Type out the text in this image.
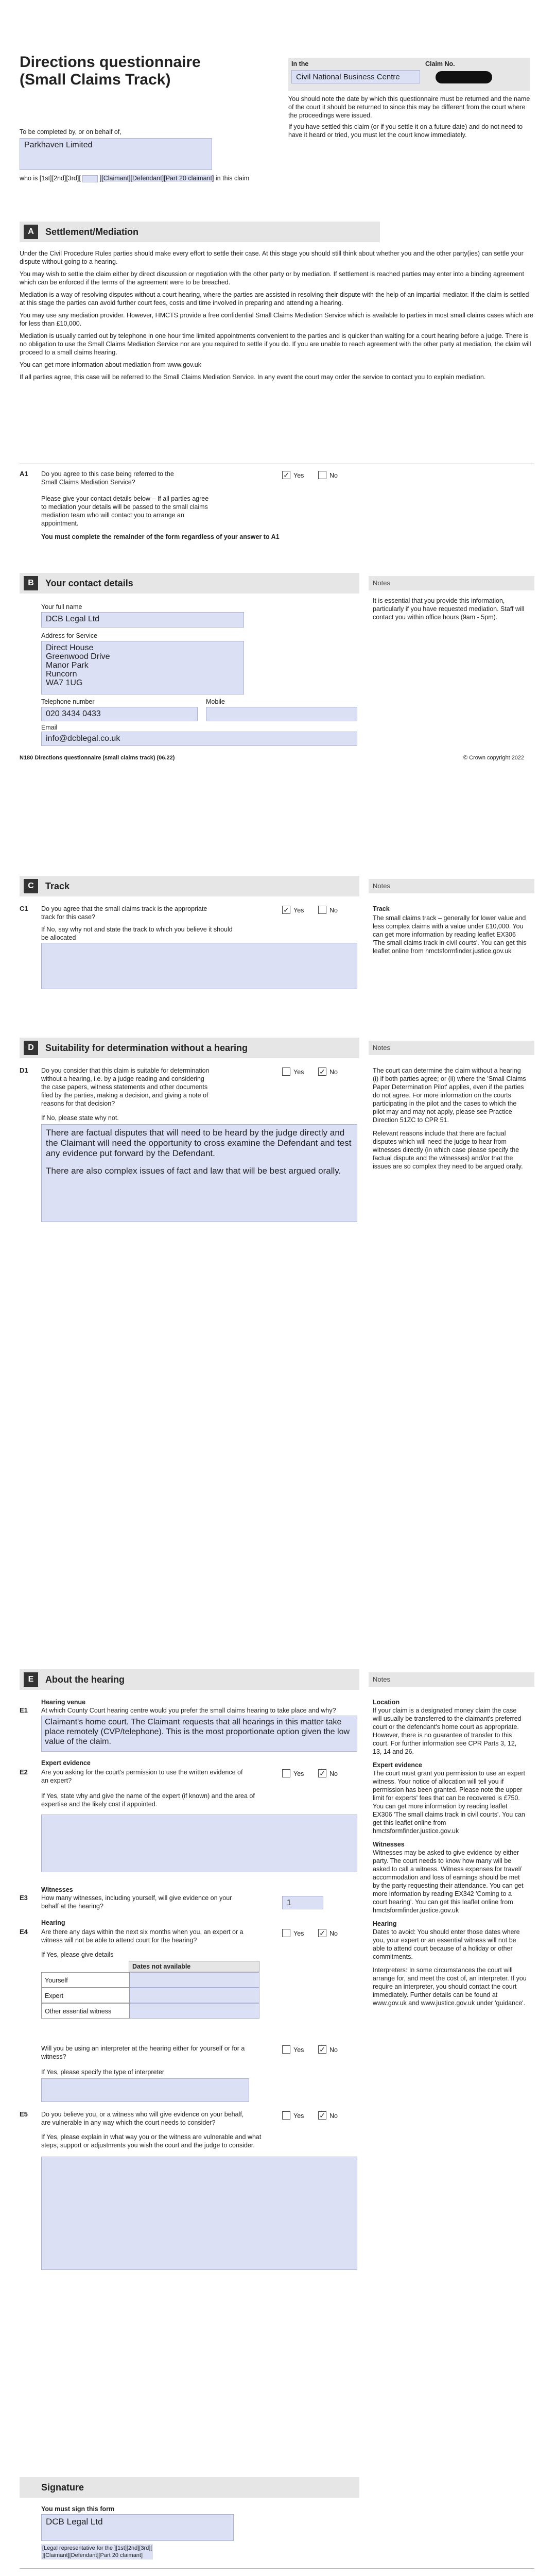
Directions questionnaire
(Small Claims Track)
In the	Claim No.
Civil National Business Centre
You should note the date by which this questionnaire must be returned and the name of the court it should be returned to since this may be different from the court where the proceedings were issued.
If you have settled this claim (or if you settle it on a future date) and do not need to have it heard or tried, you must let the court know immediately.
To be completed by, or on behalf of,
Parkhaven Limited
who is [1st][2nd][3rd][	][Claimant][Defendant][Part 20 claimant] in this claim
A	Settlement/Mediation

Under the Civil Procedure Rules parties should make every effort to settle their case. At this stage you should still think about whether you and the other party(ies) can settle your dispute without going to a hearing.

You may wish to settle the claim either by direct discussion or negotiation with the other party or by mediation. If settlement is reached parties may enter into a binding agreement which can be enforced if the terms of the agreement were to be breached.

Mediation is a way of resolving disputes without a court hearing, where the parties are assisted in resolving their dispute with the help of an impartial mediator. If the claim is settled at this stage the parties can avoid further court fees, costs and time involved in preparing and attending a hearing.

You may use any mediation provider. However, HMCTS provide a free confidential Small Claims Mediation Service which is available to parties in most small claims cases which are for less than £10,000.

Mediation is usually carried out by telephone in one hour time limited appointments convenient to the parties and is quicker than waiting for a court hearing before a judge. There is no obligation to use the Small Claims Mediation Service nor are you required to settle if you do. If you are unable to reach agreement with the other party at mediation, the claim will proceed to a small claims hearing.

You can get more information about mediation from www.gov.uk

If all parties agree, this case will be referred to the Small Claims Mediation Service. In any event the court may order the service to contact you to explain mediation.

A1 Do you agree to this case being referred to the Small Claims Mediation Service?
✓ Yes	No
Please give your contact details below – If all parties agree to mediation your details will be passed to the small claims mediation team who will contact you to arrange an appointment.
You must complete the remainder of the form regardless of your answer to A1
B	Your contact details	Notes
It is essential that you provide this information, particularly if you have requested mediation. Staff will contact you within office hours (9am - 5pm).
Your full name
DCB Legal Ltd
Address for Service
Direct House
Greenwood Drive
Manor Park
Runcorn
WA7 1UG
Telephone number	Mobile
020 3434 0433
Email
info@dcblegal.co.uk
N180 Directions questionnaire (small claims track) (06.22)	© Crown copyright 2022
C	Track	Notes
C1 Do you agree that the small claims track is the appropriate track for this case?
✓ Yes	No
If No, say why not and state the track to which you believe it should be allocated
Track
The small claims track – generally for lower value and less complex claims with a value under £10,000. You can get more information by reading leaflet EX306 'The small claims track in civil courts'. You can get this leaflet online from hmctsformfinder.justice.gov.uk
D	Suitability for determination without a hearing	Notes
D1 Do you consider that this claim is suitable for determination without a hearing, i.e. by a judge reading and considering the case papers, witness statements and other documents filed by the parties, making a decision, and giving a note of reasons for that decision?
Yes ✓ No
If No, please state why not.

There are factual disputes that will need to be heard by the judge directly and the Claimant will need the opportunity to cross examine the Defendant and test any evidence put forward by the Defendant.

There are also complex issues of fact and law that will be best argued orally.

The court can determine the claim without a hearing (i) if both parties agree; or (ii) where the 'Small Claims Paper Determination Pilot' applies, even if the parties do not agree. For more information on the courts participating in the pilot and the cases to which the pilot may and may not apply, please see Practice Direction 51ZC to CPR 51.

Relevant reasons include that there are factual disputes which will need the judge to hear from witnesses directly (in which case please specify the factual dispute and the witnesses) and/or that the issues are so complex they need to be argued orally.

E	About the hearing	Notes
Hearing venue
E1 At which County Court hearing centre would you prefer the small claims hearing to take place and why?
Claimant's home court. The Claimant requests that all hearings in this matter take place remotely (CVP/telephone). This is the most proportionate option given the low value of the claim.
Expert evidence
E2 Are you asking for the court's permission to use the written evidence of an expert?
Yes ✓ No
If Yes, state why and give the name of the expert (if known) and the area of expertise and the likely cost if appointed.
Witnesses
E3 How many witnesses, including yourself, will give evidence on your behalf at the hearing?	1
Hearing
E4 Are there any days within the next six months when you, an expert or a witness will not be able to attend court for the hearing?
Yes ✓ No
If Yes, please give details
Dates not available
Yourself
Expert
Other essential witness
Will you be using an interpreter at the hearing either for yourself or for a witness?
Yes ✓ No
If Yes, please specify the type of interpreter
E5 Do you believe you, or a witness who will give evidence on your behalf, are vulnerable in any way which the court needs to consider?
Yes ✓ No
If Yes, please explain in what way you or the witness are vulnerable and what steps, support or adjustments you wish the court and the judge to consider.
Location

If your claim is a designated money claim the case will usually be transferred to the claimant's preferred court or the defendant's home court as appropriate. However, there is no guarantee of transfer to this court. For further information see CPR Parts 3, 12, 13, 14 and 26.

Expert evidence

The court must grant you permission to use an expert witness. Your notice of allocation will tell you if permission has been granted. Please note the upper limit for experts' fees that can be recovered is £750. You can get more information by reading leaflet EX306 'The small claims track in civil courts'. You can get this leaflet online from hmctsformfinder.justice.gov.uk

Witnesses

Witnesses may be asked to give evidence by either party. The court needs to know how many will be asked to call a witness. Witness expenses for travel/ accommodation and loss of earnings should be met by the party requesting their attendance. You can get more information by reading EX342 'Coming to a court hearing'. You can get this leaflet online from hmctsformfinder.justice.gov.uk

Hearing

Dates to avoid: You should enter those dates where you, your expert or an essential witness will not be able to attend court because of a holiday or other commitments.

Interpreters: In some circumstances the court will arrange for, and meet the cost of, an interpreter. If you require an interpreter, you should contact the court immediately. Further details can be found at www.gov.uk and www.justice.gov.uk under 'guidance'.

Signature
You must sign this form
DCB Legal Ltd
[Legal representative for the ][1st][2nd][3rd][
][Claimant][Defendant][Part 20 claimant]
